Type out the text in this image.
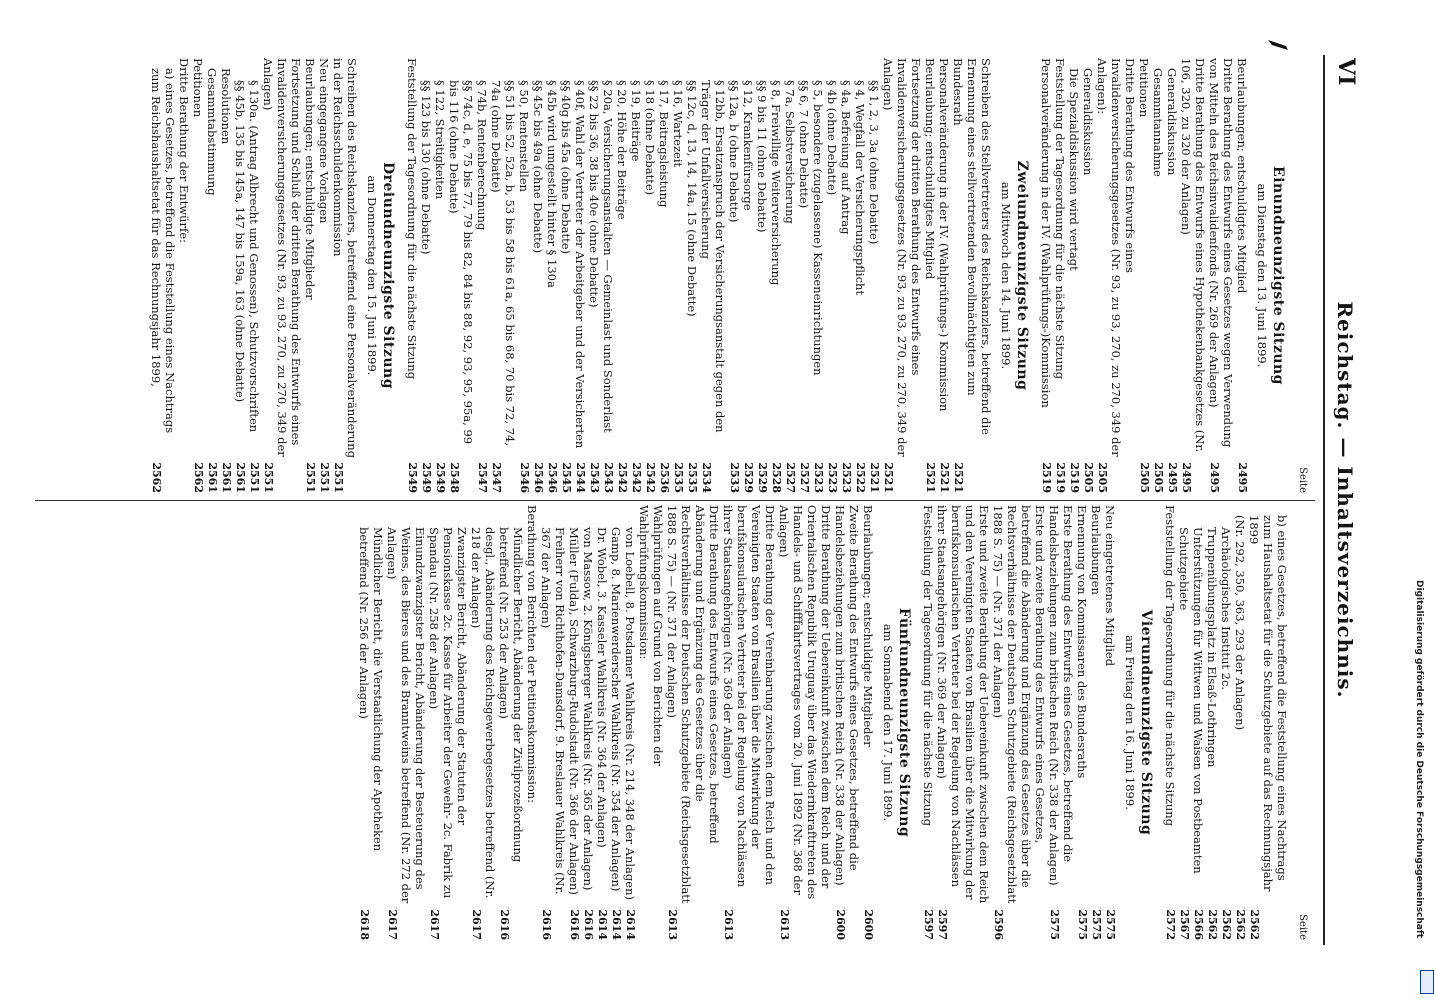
VI
Reichstag. — Inhaltsverzeichnis.
Seite
Einundneunzigste Sitzung
am Dienstag den 13. Juni 1899.
Beurlaubungen; entschuldigtes Mitglied
2495
Dritte Berathung des Entwurfs eines Gesetzes wegen Verwendung von Mitteln des Reichsinvalidenfonds (Nr. 269 der Anlagen)
2495
Dritte Berathung des Entwurfs eines Hypothekenbankgesetzes (Nr. 106, 320, zu 320 der Anlagen)
2495
Generaldiskussion
2495
Gesammtannahme
2505
Petitionen
2505
Dritte Berathung des Entwurfs eines Invalidenversicherungsgesetzes (Nr. 93, zu 93, 270, zu 270, 349 der Anlagen):
2505
Generaldiskussion
2505
Die Spezialdiskussion wird vertagt
2519
Feststellung der Tagesordnung für die nächste Sitzung
2519
Personalveränderung in der IV. (Wahlprüfungs-)Kommission
2519
Zweiundneunzigste Sitzung
am Mittwoch den 14. Juni 1899.
Schreiben des Stellvertreters des Reichskanzlers, betreffend die Ernennung eines stellvertretenden Bevollmächtigten zum Bundesrath
2521
Personalveränderung in der IV. (Wahlprüfungs-) Kommission
2521
Beurlaubung; entschuldigtes Mitglied
2521
Fortsetzung der dritten Berathung des Entwurfs eines Invalidenversicherungsgesetzes (Nr. 93, zu 93, 270, zu 270, 349 der Anlagen)
2521
§§ 1, 2, 3, 3a (ohne Debatte)
2521
§ 4, Wegfall der Versicherungspflicht
2522
§ 4a, Befreiung auf Antrag
2523
§ 4b (ohne Debatte)
2523
§ 5, besondere (zugelassene) Kasseneinrichtungen
2523
§§ 6, 7 (ohne Debatte)
2527
§ 7a, Selbstversicherung
2527
§ 8, Freiwillige Weiterversicherung
2528
§§ 9 bis 11 (ohne Debatte)
2529
§ 12, Krankenfürsorge
2529
§§ 12a, b (ohne Debatte)
2533
§ 12bb, Ersatzanspruch der Versicherungsanstalt gegen den Träger der Unfallversicherung
2534
§§ 12c, d, 13, 14, 14a, 15 (ohne Debatte)
2535
§ 16, Wartezeit
2535
§ 17, Beitragsleistung
2536
§ 18 (ohne Debatte)
2542
§ 19, Beiträge
2542
§ 20, Höhe der Beiträge
2542
§ 20a, Versicherungsanstalten — Gemeinlast und Sonderlast
2543
§§ 22 bis 36, 38 bis 40e (ohne Debatte)
2543
§ 40f, Wahl der Vertreter der Arbeitgeber und der Versicherten
2544
§§ 40g bis 45a (ohne Debatte)
2545
§ 45b wird umgestellt hinter § 130a
2546
§§ 45c bis 49a (ohne Debatte)
2546
§ 50, Rentenstellen
2546
§§ 51 bis 52, 52a, b, 53 bis 58 bis 61a, 65 bis 68, 70 bis 72, 74, 74a (ohne Debatte)
2547
§ 74b, Rentenberechnung
2547
§§ 74c, d, e, 75 bis 77, 79 bis 82, 84 bis 88, 92, 93, 95, 95a, 99 bis 116 (ohne Debatte)
2548
§ 122, Streitigkeiten
2549
§§ 123 bis 130 (ohne Debatte)
2549
Feststellung der Tagesordnung für die nächste Sitzung
2549
Dreiundneunzigste Sitzung
am Donnerstag den 15. Juni 1899.
Schreiben des Reichskanzlers, betreffend eine Personalveränderung in der Reichsschuldenkommission
2551
Neu eingegangene Vorlagen
2551
Beurlaubungen; entschuldigte Mitglieder
2551
Fortsetzung und Schluß der dritten Berathung des Entwurfs eines Invalidenversicherungsgesetzes (Nr. 93, zu 93, 270, zu 270, 349 der Anlagen)
2551
§ 130a. (Antrag Albrecht und Genossen), Schutzvorschriften
2551
§§ 45b, 135 bis 145a, 147 bis 159a, 163 (ohne Debatte)
2561
Resolutionen
2561
Gesammtabstimmung
2561
Petitionen
2562
Dritte Berathung der Entwürfe:
a) eines Gesetzes, betreffend die Feststellung eines Nachtrags zum Reichshaushaltsetat für das Rechnungsjahr 1899,
2562
Seite
b) eines Gesetzes, betreffend die Feststellung eines Nachtrags zum Haushaltsetat für die Schutzgebiete auf das Rechnungsjahr 1899
2562
(Nr. 292, 350, 363, 293 der Anlagen)
2562
Archäologisches Institut 2c.
2562
Truppenübungsplatz in Elsaß-Lothringen
2562
Unterstützungen für Wittwen und Waisen von Postbeamten
2566
Schutzgebiete
2567
Feststellung der Tagesordnung für die nächste Sitzung
2572
Vierundneunzigste Sitzung
am Freitag den 16. Juni 1899.
Neu eingetretenes Mitglied
2575
Beurlaubungen
2575
Ernennung von Kommissaren des Bundesraths
2575
Erste Berathung des Entwurfs eines Gesetzes, betreffend die Handelsbeziehungen zum britischen Reich (Nr. 338 der Anlagen)
2575
Erste und zweite Berathung des Entwurfs eines Gesetzes, betreffend die Abänderung und Ergänzung des Gesetzes über die Rechtsverhältnisse der Deutschen Schutzgebiete (Reichsgesetzblatt 1888 S. 75) — (Nr. 371 der Anlagen)
2596
Erste und zweite Berathung der Uebereinkunft zwischen dem Reich und den Vereinigten Staaten von Brasilien über die Mitwirkung der berufskonsularischen Vertreter bei der Regelung von Nachlässen ihrer Staatsangehörigen (Nr. 369 der Anlagen)
2597
Feststellung der Tagesordnung für die nächste Sitzung
2597
Fünfundneunzigste Sitzung
am Sonnabend den 17. Juni 1899.
Beurlaubungen; entschuldigte Mitglieder
2600
Zweite Berathung des Entwurfs eines Gesetzes, betreffend die Handelsbeziehungen zum britischen Reich (Nr. 338 der Anlagen)
2600
Dritte Berathung der Uebereinkunft zwischen dem Reich und der Orientalischen Republik Uruguay über das Wiederinkrafttreten des Handels- und Schifffahrtsvertrages vom 20. Juni 1892 (Nr. 368 der Anlagen)
2613
Dritte Berathung der Vereinbarung zwischen dem Reich und den Vereinigten Staaten von Brasilien über die Mitwirkung der berufskonsularischen Vertreter bei der Regelung von Nachlässen ihrer Staatsangehörigen (Nr. 369 der Anlagen)
2613
Dritte Berathung des Entwurfs eines Gesetzes, betreffend Abänderung und Ergänzung des Gesetzes über die Rechtsverhältnisse der Deutschen Schutzgebiete (Reichsgesetzblatt 1888 S. 75) — (Nr. 371 der Anlagen)
2613
Wahlprüfungen auf Grund von Berichten der Wahlprüfungskommission:
von Loebell, 8. Potsdamer Wahlkreis (Nr. 214, 348 der Anlagen)
2614
Gamp, 8. Marienwerderscher Wahlkreis (Nr. 354 der Anlagen)
2614
Dr. Wobel, 3. Kasseler Wahlkreis (Nr. 364 der Anlagen)
2614
von Massow, 2. Königsberger Wahlkreis (Nr. 365 der Anlagen)
2616
Müller (Fulda), Schwarzburg-Rudolstadt (Nr. 366 der Anlagen)
2616
Freiherr von Richthofen-Damsdorf, 9. Breslauer Wahlkreis (Nr. 367 der Anlagen)
2616
Berathung von Berichten der Petitionskommission:
Mündlicher Bericht, Abänderung der Zivilprozeßordnung betreffend (Nr. 253 der Anlagen)
2616
desgl., Abänderung des Reichsgewerbegesetzes betreffend (Nr. 218 der Anlagen)
2617
Zwanzigster Bericht, Abänderung der Statuten der Pensionskasse 2c. Kasse für Arbeiter der Gewehr- 2c. Fabrik zu Spandau (Nr. 258 der Anlagen)
2617
Einundzwanzigster Bericht, Abänderung der Besteuerung des Weines, des Bieres und des Branntweins betreffend (Nr. 272 der Anlagen)
2617
Mündlicher Bericht, die Verstaatlichung der Apotheken betreffend (Nr. 256 der Anlagen)
2618	Digitalisierung gefördert durch die Deutsche Forschungsgemeinschaft
